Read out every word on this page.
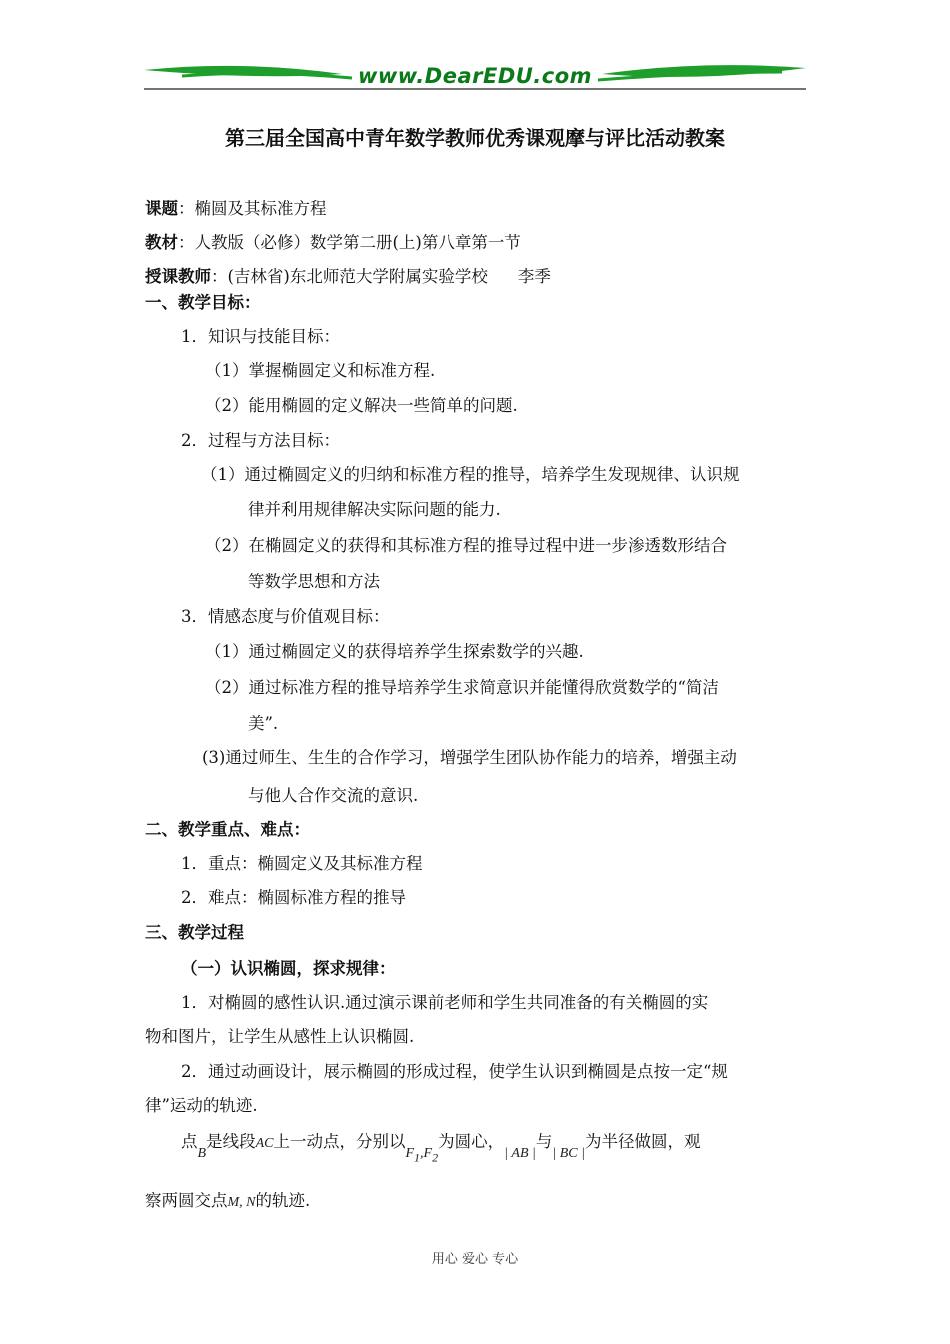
www.DearEDU.com
第三届全国高中青年数学教师优秀课观摩与评比活动教案
课题：椭圆及其标准方程
教材：人教版（必修）数学第二册(上)第八章第一节
授课教师：(吉林省)东北师范大学附属实验学校 李季
一、教学目标：
1．知识与技能目标：
（1）掌握椭圆定义和标准方程.
（2）能用椭圆的定义解决一些简单的问题.
2．过程与方法目标：
（1）通过椭圆定义的归纳和标准方程的推导，培养学生发现规律、认识规
律并利用规律解决实际问题的能力.
（2）在椭圆定义的获得和其标准方程的推导过程中进一步渗透数形结合
等数学思想和方法
3．情感态度与价值观目标：
（1）通过椭圆定义的获得培养学生探索数学的兴趣.
（2）通过标准方程的推导培养学生求简意识并能懂得欣赏数学的“简洁
美”.
(3)通过师生、生生的合作学习，增强学生团队协作能力的培养，增强主动
与他人合作交流的意识.
二、教学重点、难点：
1．重点：椭圆定义及其标准方程
2．难点：椭圆标准方程的推导
三、教学过程
（一）认识椭圆，探求规律：
1．对椭圆的感性认识.通过演示课前老师和学生共同准备的有关椭圆的实
物和图片，让学生从感性上认识椭圆.
2．通过动画设计，展示椭圆的形成过程，使学生认识到椭圆是点按一定“规
律”运动的轨迹.
点$_B$是线段AC上一动点，分别以$F_1,F_2$为圆心，$_{| AB |}$与$_{| BC |}$为半径做圆，观
察两圆交点M, N的轨迹.
用心 爱心 专心
